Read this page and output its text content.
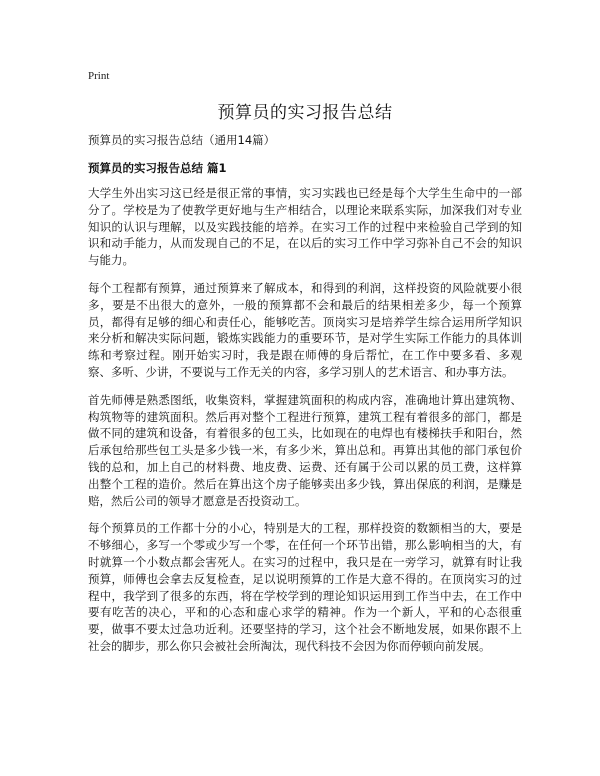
Print
预算员的实习报告总结

预算员的实习报告总结（通用14篇）

预算员的实习报告总结 篇1

大学生外出实习这已经是很正常的事情，实习实践也已经是每个大学生生命中的一部分了。学校是为了使教学更好地与生产相结合，以理论来联系实际，加深我们对专业知识的认识与理解，以及实践技能的培养。在实习工作的过程中来检验自己学到的知识和动手能力，从而发现自己的不足，在以后的实习工作中学习弥补自己不会的知识与能力。

每个工程都有预算，通过预算来了解成本，和得到的利润，这样投资的风险就要小很多，要是不出很大的意外，一般的预算都不会和最后的结果相差多少，每一个预算员，都得有足够的细心和责任心，能够吃苦。顶岗实习是培养学生综合运用所学知识来分析和解决实际问题，锻炼实践能力的重要环节，是对学生实际工作能力的具体训练和考察过程。刚开始实习时，我是跟在师傅的身后帮忙，在工作中要多看、多观察、多听、少讲，不要说与工作无关的内容，多学习别人的艺术语言、和办事方法。

首先师傅是熟悉图纸，收集资料，掌握建筑面积的构成内容，准确地计算出建筑物、构筑物等的建筑面积。然后再对整个工程进行预算，建筑工程有着很多的部门，都是做不同的建筑和设备，有着很多的包工头，比如现在的电焊也有楼梯扶手和阳台，然后承包给那些包工头是多少钱一米，有多少米，算出总和。再算出其他的部门承包价钱的总和，加上自己的材料费、地皮费、运费、还有属于公司以累的员工费，这样算出整个工程的造价。然后在算出这个房子能够卖出多少钱，算出保底的利润，是赚是赔，然后公司的领导才愿意是否投资动工。

每个预算员的工作都十分的小心，特别是大的工程，那样投资的数额相当的大，要是不够细心，多写一个零或少写一个零，在任何一个环节出错，那么影响相当的大，有时就算一个小数点都会害死人。在实习的过程中，我只是在一旁学习，就算有时让我预算，师傅也会拿去反复检查，足以说明预算的工作是大意不得的。在顶岗实习的过程中，我学到了很多的东西，将在学校学到的理论知识运用到工作当中去，在工作中要有吃苦的决心，平和的心态和虚心求学的精神。作为一个新人，平和的心态很重要，做事不要太过急功近利。还要坚持的学习，这个社会不断地发展，如果你跟不上社会的脚步，那么你只会被社会所淘汰，现代科技不会因为你而停顿向前发展。
